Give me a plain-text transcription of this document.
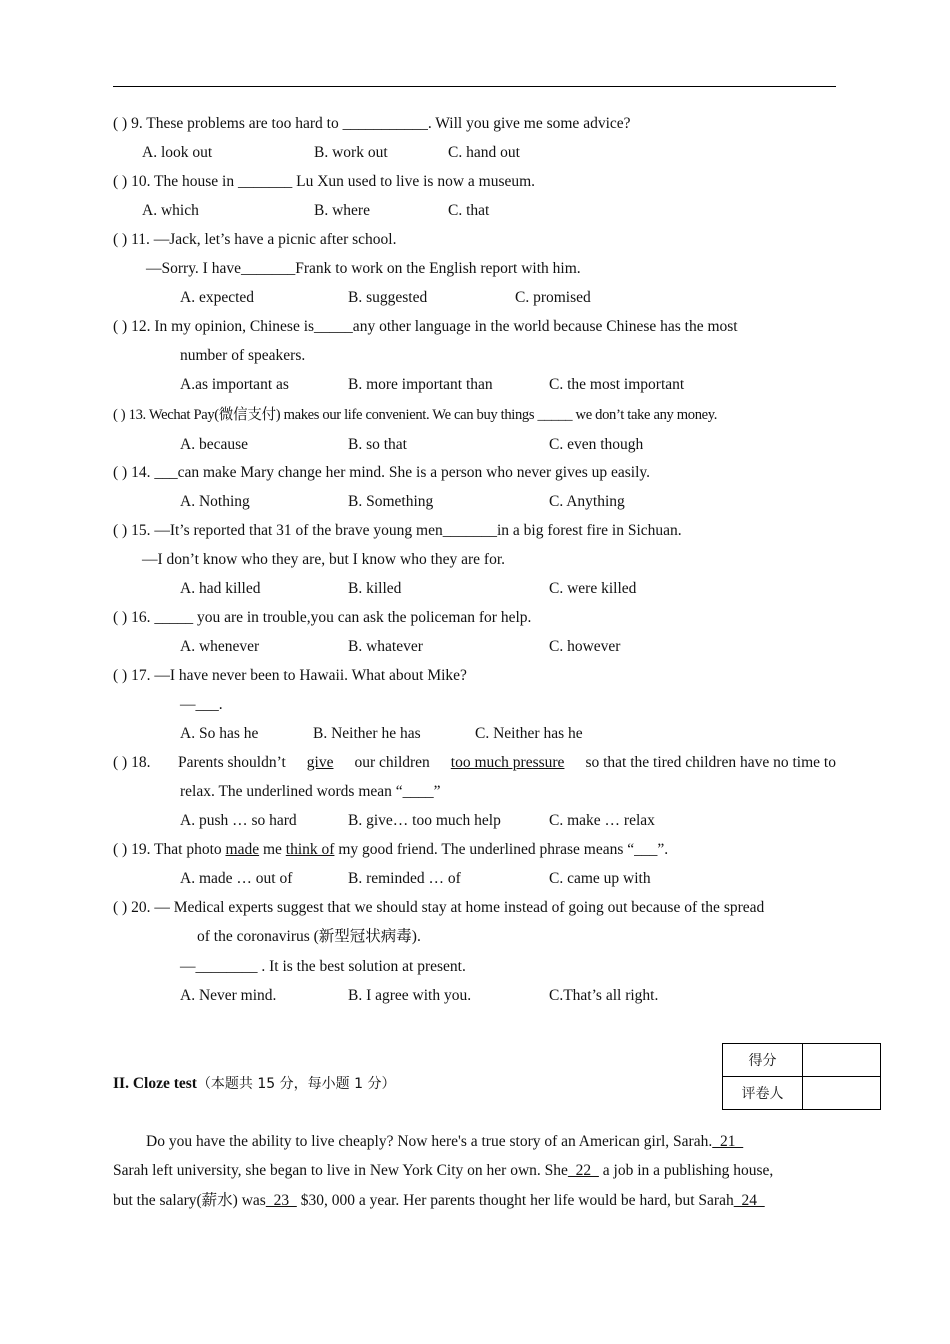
( ) 9. These problems are too hard to ___________. Will you give me some advice?
A. look out	B. work out	C. hand out
( ) 10. The house in _______ Lu Xun used to live is now a museum.
A. which	B. where	C. that
( ) 11. —Jack, let’s have a picnic after school.
—Sorry. I have_______Frank to work on the English report with him.
A. expected	B. suggested	C. promised
( ) 12. In my opinion, Chinese is_____any other language in the world because Chinese has the most
number of speakers.
A.as important as	B. more important than	C. the most important
( ) 13. Wechat Pay(微信支付) makes our life convenient. We can buy things _____ we don’t take any money.
A. because	B. so that	C. even though
( ) 14. ___can make Mary change her mind. She is a person who never gives up easily.
A. Nothing	B. Something	C. Anything
( ) 15. —It’s reported that 31 of the brave young men_______in a big forest fire in Sichuan.
—I don’t know who they are, but I know who they are for.
A. had killed	B. killed	C. were killed
( ) 16. _____ you are in trouble,you can ask the policeman for help.
A. whenever	B. whatever	C. however
( ) 17. —I have never been to Hawaii. What about Mike?
—___.
A. So has he	B. Neither he has	C. Neither has he
( ) 18. Parents shouldn’t give our children too much pressure so that the tired children have no time to
relax. The underlined words mean “____”
A. push … so hard	B. give… too much help	C. make … relax
( ) 19. That photo made me think of my good friend. The underlined phrase means “___”.
A. made … out of	B. reminded … of	C. came up with
( ) 20. — Medical experts suggest that we should stay at home instead of going out because of the spread
of the coronavirus (新型冠状病毒).
—________ . It is the best solution at present.
A. Never mind.	B. I agree with you.	C.That’s all right.
II. Cloze test（本题共 15 分，每小题 1 分）
得分	
评卷人	
Do you have the ability to live cheaply? Now here's a true story of an American girl, Sarah.  21
Sarah left university, she began to live in New York City on her own. She  22   a job in a publishing house,
but the salary(薪水) was  23   $30, 000 a year. Her parents thought her life would be hard, but Sarah  24
